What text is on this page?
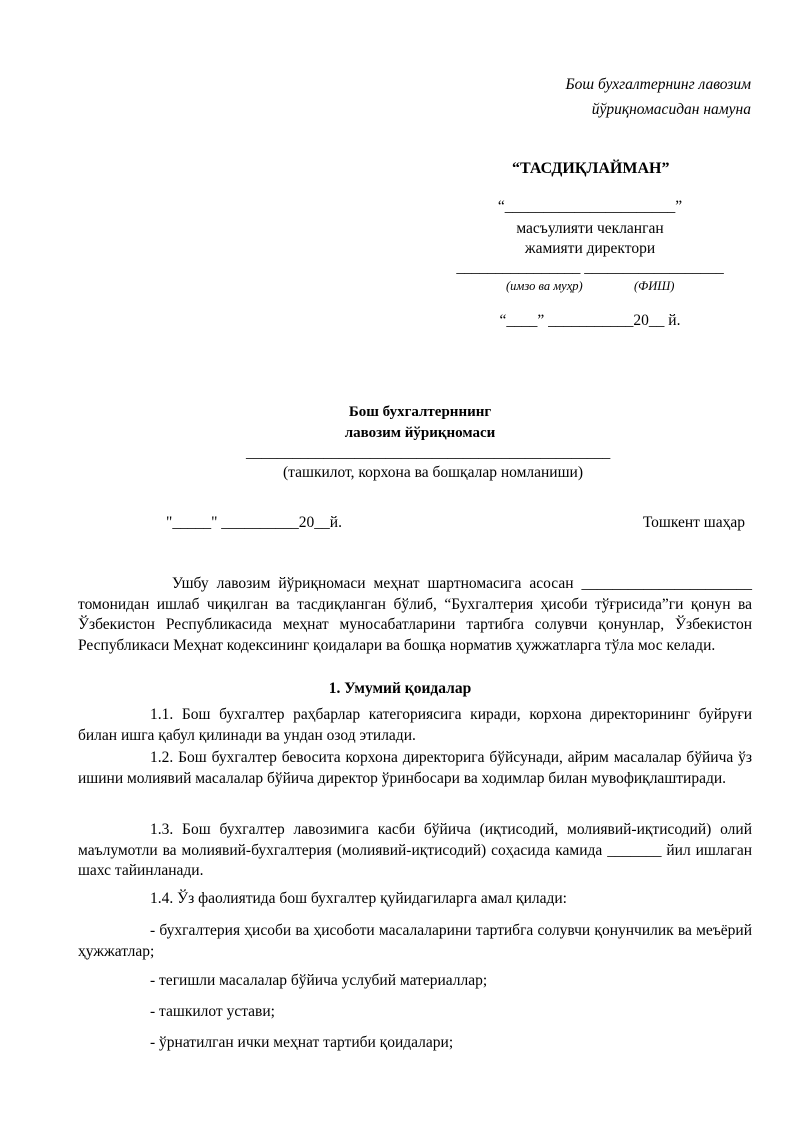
Бош бухгалтернинг лавозим
йўриқномасидан намуна
“ТАСДИҚЛАЙМАН”
“______________________”
масъулияти чекланган
жамияти директори
________________ __________________
(имзо ва муҳр)	(ФИШ)
“____” ___________20__ й.
Бош бухгалтерннинг
лавозим йўриқномаси
_______________________________________________
(ташкилот, корхона ва бошқалар номланиши)
"_____" __________20__й.	Тошкент шаҳар
Ушбу лавозим йўриқномаси меҳнат шартномасига асосан ______________________ томонидан ишлаб чиқилган ва тасдиқланган бўлиб, “Бухгалтерия ҳисоби тўғрисида”ги қонун ва Ўзбекистон Республикасида меҳнат муносабатларини тартибга солувчи қонунлар, Ўзбекистон Республикаси Меҳнат кодексининг қоидалари ва бошқа норматив ҳужжатларга тўла мос келади.
1. Умумий қоидалар
1.1. Бош бухгалтер раҳбарлар категориясига киради, корхона директорининг буйруғи билан ишга қабул қилинади ва ундан озод этилади.
1.2. Бош бухгалтер бевосита корхона директорига бўйсунади, айрим масалалар бўйича ўз ишини молиявий масалалар бўйича директор ўринбосари ва ходимлар билан мувофиқлаштиради.
1.3. Бош бухгалтер лавозимига касби бўйича (иқтисодий, молиявий-иқтисодий) олий маълумотли ва молиявий-бухгалтерия (молиявий-иқтисодий) соҳасида камида _______ йил ишлаган шахс тайинланади.
1.4. Ўз фаолиятида бош бухгалтер қуйидагиларга амал қилади:
- бухгалтерия ҳисоби ва ҳисоботи масалаларини тартибга солувчи қонунчилик ва меъёрий ҳужжатлар;
- тегишли масалалар бўйича услубий материаллар;
- ташкилот устави;
- ўрнатилган ички меҳнат тартиби қоидалари;
